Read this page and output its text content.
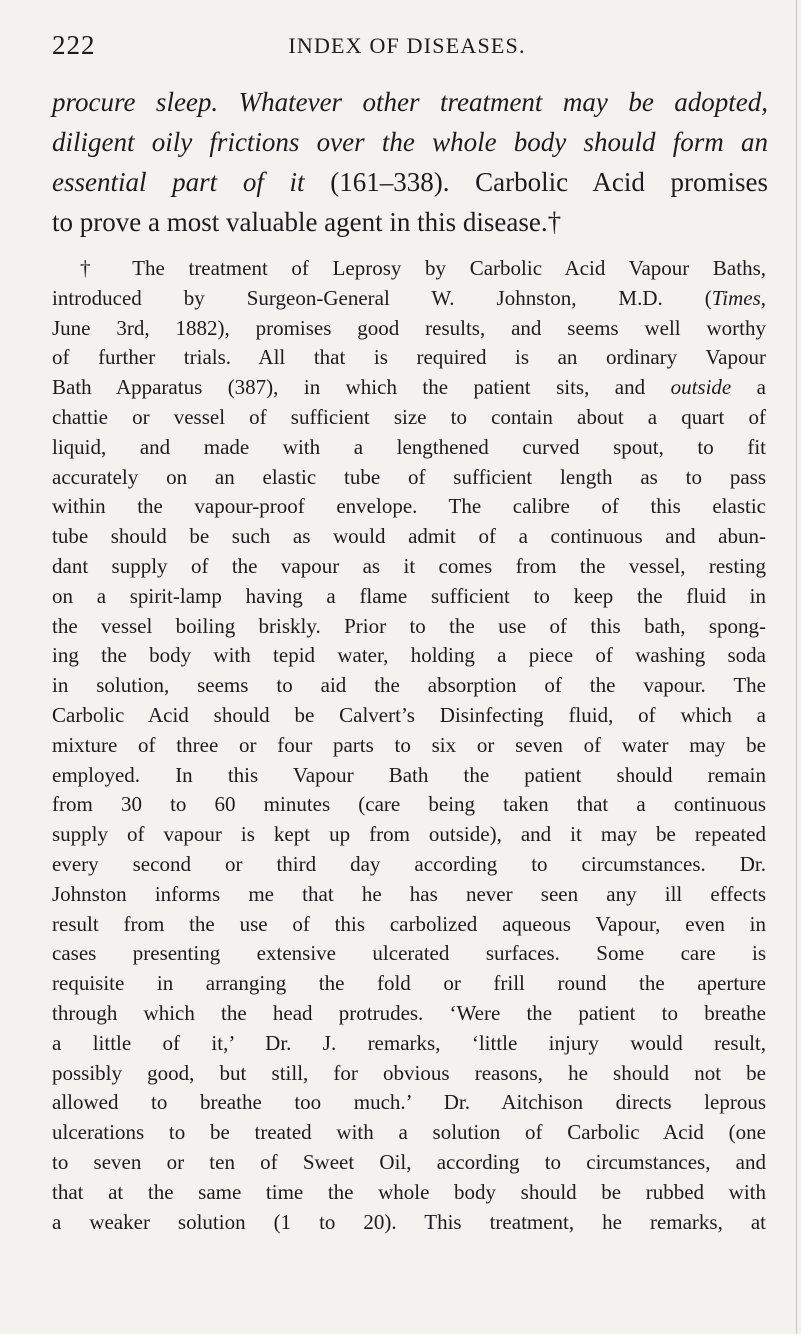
222	INDEX OF DISEASES.
procure sleep. Whatever other treatment may be adopted,
diligent oily frictions over the whole body should form an
essential part of it (161–338). Carbolic Acid promises
to prove a most valuable agent in this disease.†
† The treatment of Leprosy by Carbolic Acid Vapour Baths,
introduced by Surgeon-General W. Johnston, M.D. (Times,
June 3rd, 1882), promises good results, and seems well worthy
of further trials. All that is required is an ordinary Vapour
Bath Apparatus (387), in which the patient sits, and outside a
chattie or vessel of sufficient size to contain about a quart of
liquid, and made with a lengthened curved spout, to fit
accurately on an elastic tube of sufficient length as to pass
within the vapour-proof envelope. The calibre of this elastic
tube should be such as would admit of a continuous and abun-
dant supply of the vapour as it comes from the vessel, resting
on a spirit-lamp having a flame sufficient to keep the fluid in
the vessel boiling briskly. Prior to the use of this bath, spong-
ing the body with tepid water, holding a piece of washing soda
in solution, seems to aid the absorption of the vapour. The
Carbolic Acid should be Calvert’s Disinfecting fluid, of which a
mixture of three or four parts to six or seven of water may be
employed. In this Vapour Bath the patient should remain
from 30 to 60 minutes (care being taken that a continuous
supply of vapour is kept up from outside), and it may be repeated
every second or third day according to circumstances. Dr.
Johnston informs me that he has never seen any ill effects
result from the use of this carbolized aqueous Vapour, even in
cases presenting extensive ulcerated surfaces. Some care is
requisite in arranging the fold or frill round the aperture
through which the head protrudes. ‘Were the patient to breathe
a little of it,’ Dr. J. remarks, ‘little injury would result,
possibly good, but still, for obvious reasons, he should not be
allowed to breathe too much.’ Dr. Aitchison directs leprous
ulcerations to be treated with a solution of Carbolic Acid (one
to seven or ten of Sweet Oil, according to circumstances, and
that at the same time the whole body should be rubbed with
a weaker solution (1 to 20). This treatment, he remarks, at
